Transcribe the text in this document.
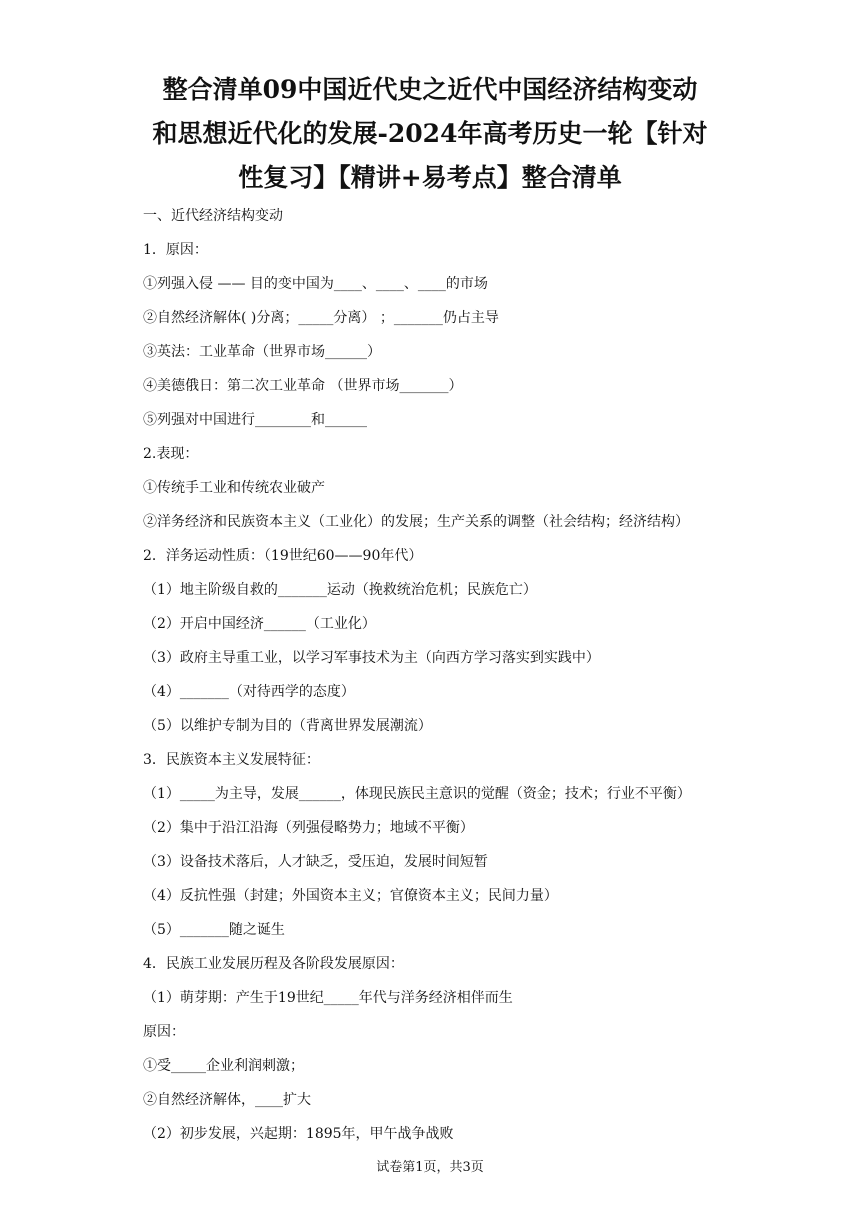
整合清单09中国近代史之近代中国经济结构变动
和思想近代化的发展-2024年高考历史一轮【针对
性复习】【精讲+易考点】整合清单
一、近代经济结构变动
1．原因：
①列强入侵 —— 目的变中国为____、____、____的市场
②自然经济解体( )分离；_____分离） ；_______仍占主导
③英法：工业革命（世界市场______）
④美德俄日：第二次工业革命 （世界市场_______）
⑤列强对中国进行________和______
2.表现：
①传统手工业和传统农业破产
②洋务经济和民族资本主义（工业化）的发展；生产关系的调整（社会结构；经济结构）
2．洋务运动性质：（19世纪60——90年代）
（1）地主阶级自救的_______运动（挽救统治危机；民族危亡）
（2）开启中国经济______（工业化）
（3）政府主导重工业，以学习军事技术为主（向西方学习落实到实践中）
（4）_______（对待西学的态度）
（5）以维护专制为目的（背离世界发展潮流）
3．民族资本主义发展特征：
（1）_____为主导，发展______，体现民族民主意识的觉醒（资金；技术；行业不平衡）
（2）集中于沿江沿海（列强侵略势力；地域不平衡）
（3）设备技术落后，人才缺乏，受压迫，发展时间短暂
（4）反抗性强（封建；外国资本主义；官僚资本主义；民间力量）
（5）_______随之诞生
4．民族工业发展历程及各阶段发展原因：
（1）萌芽期：产生于19世纪_____年代与洋务经济相伴而生
原因：
①受_____企业利润刺激；
②自然经济解体，____扩大
（2）初步发展，兴起期：1895年，甲午战争战败
试卷第1页，共3页
